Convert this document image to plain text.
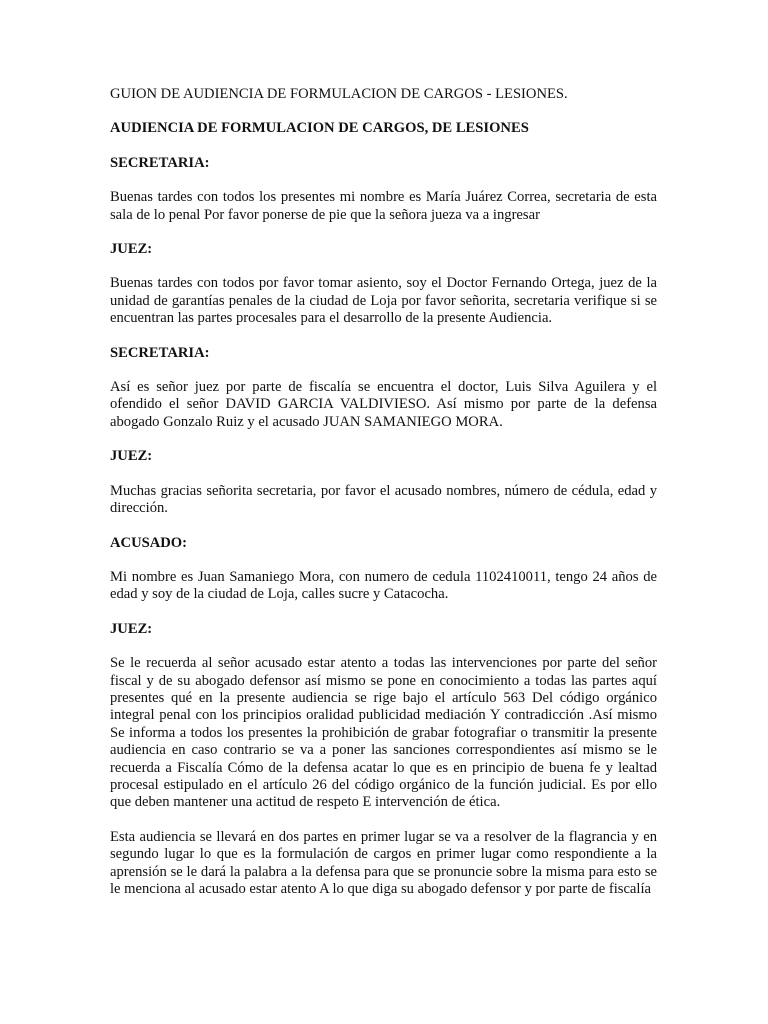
GUION DE AUDIENCIA DE FORMULACION DE CARGOS - LESIONES.

AUDIENCIA DE FORMULACION DE CARGOS, DE LESIONES

SECRETARIA:

Buenas tardes con todos los presentes mi nombre es María Juárez Correa, secretaria de esta sala de lo penal Por favor ponerse de pie que la señora jueza va a ingresar

JUEZ:

Buenas tardes con todos por favor tomar asiento, soy el Doctor Fernando Ortega, juez de la unidad de garantías penales de la ciudad de Loja por favor señorita, secretaria verifique si se encuentran las partes procesales para el desarrollo de la presente Audiencia.

SECRETARIA:

Así es señor juez por parte de fiscalía se encuentra el doctor, Luis Silva Aguilera y el ofendido el señor DAVID GARCIA VALDIVIESO. Así mismo por parte de la defensa abogado Gonzalo Ruiz y el acusado JUAN SAMANIEGO MORA.

JUEZ:

Muchas gracias señorita secretaria, por favor el acusado nombres, número de cédula, edad y dirección.

ACUSADO:

Mi nombre es Juan Samaniego Mora, con numero de cedula 1102410011, tengo 24 años de edad y soy de la ciudad de Loja, calles sucre y Catacocha.

JUEZ:

Se le recuerda al señor acusado estar atento a todas las intervenciones por parte del señor fiscal y de su abogado defensor así mismo se pone en conocimiento a todas las partes aquí presentes qué en la presente audiencia se rige bajo el artículo 563 Del código orgánico integral penal con los principios oralidad publicidad mediación Y contradicción .Así mismo Se informa a todos los presentes la prohibición de grabar fotografiar o transmitir la presente audiencia en caso contrario se va a poner las sanciones correspondientes así mismo se le recuerda a Fiscalía Cómo de la defensa acatar lo que es en principio de buena fe y lealtad procesal estipulado en el artículo 26 del código orgánico de la función judicial. Es por ello que deben mantener una actitud de respeto E intervención de ética.

Esta audiencia se llevará en dos partes en primer lugar se va a resolver de la flagrancia y en segundo lugar lo que es la formulación de cargos en primer lugar como respondiente a la aprensión se le dará la palabra a la defensa para que se pronuncie sobre la misma para esto se le menciona al acusado estar atento A lo que diga su abogado defensor y por parte de fiscalía
